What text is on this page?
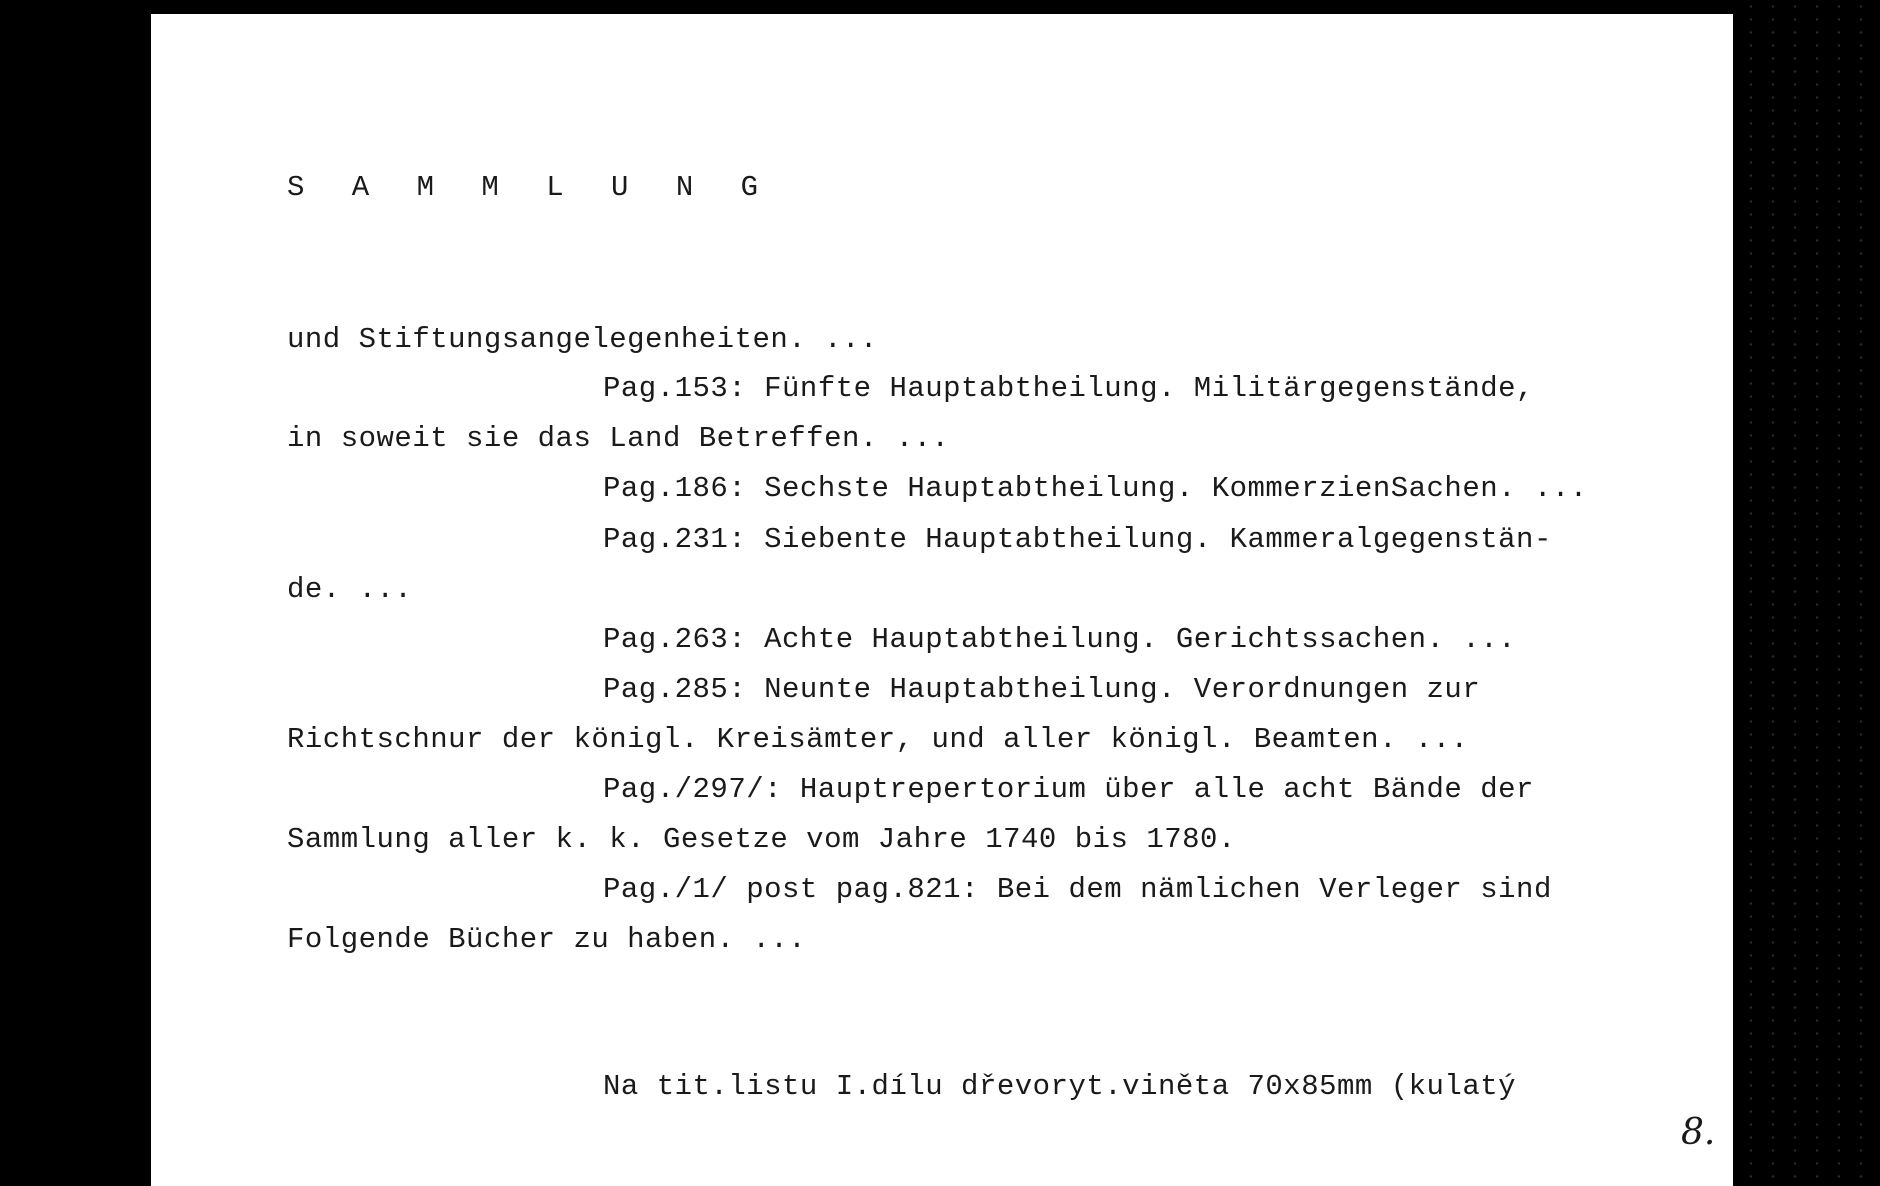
S A M M L U N G

und Stiftungsangelegenheiten. ...

Pag.153: Fünfte Hauptabtheilung. Militärgegenstände,

in soweit sie das Land Betreffen. ...

Pag.186: Sechste Hauptabtheilung. KommerzienSachen. ...

Pag.231: Siebente Hauptabtheilung. Kammeralgegenstän-

de. ...

Pag.263: Achte Hauptabtheilung. Gerichtssachen. ...

Pag.285: Neunte Hauptabtheilung. Verordnungen zur

Richtschnur der königl. Kreisämter, und aller königl. Beamten. ...

Pag./297/: Hauptrepertorium über alle acht Bände der

Sammlung aller k. k. Gesetze vom Jahre 1740 bis 1780.

Pag./1/ post pag.821: Bei dem nämlichen Verleger sind

Folgende Bücher zu haben. ...

Na tit.listu I.dílu dřevoryt.viněta 70x85mm (kulatý

8.
